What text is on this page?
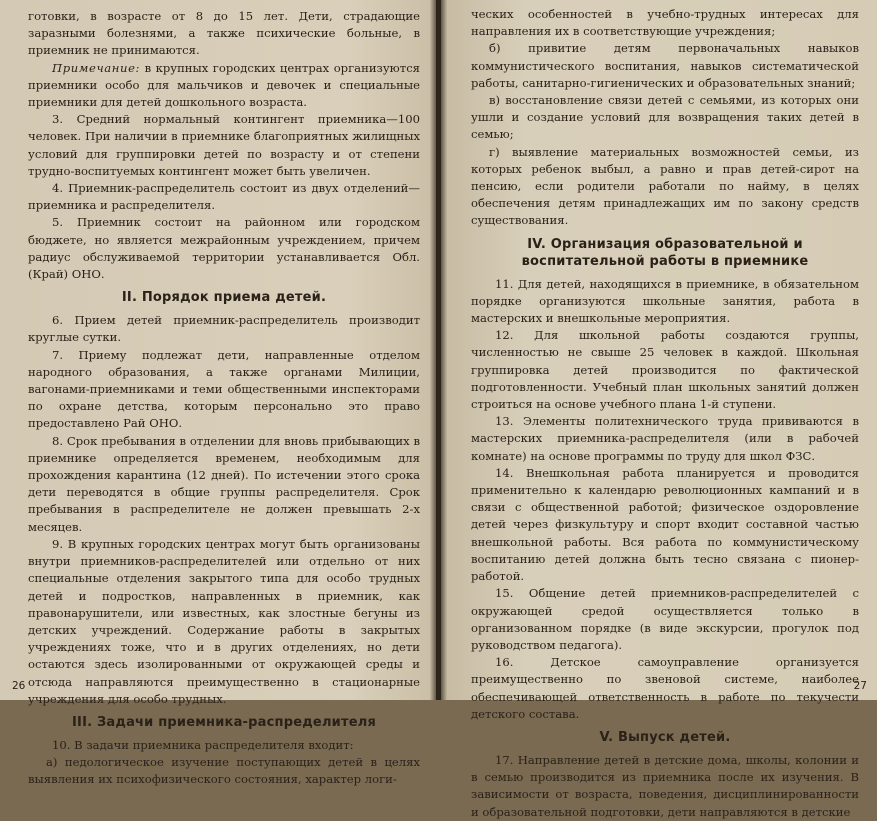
готовки, в возрасте от 8 до 15 лет. Дети, страдающие заразными болезнями, а также психические больные, в приемник не принимаются.

Примечание: в крупных городских центрах организуются приемники особо для мальчиков и девочек и специальные приемники для детей дошкольного возраста.

3. Средний нормальный контингент приемника—100 человек. При наличии в приемнике благоприятных жилищных условий для группировки детей по возрасту и от степени трудно-воспитуемых контингент может быть увеличен.

4. Приемник-распределитель состоит из двух отделений—приемника и распределителя.

5. Приемник состоит на районном или городском бюджете, но является межрайонным учреждением, причем радиус обслуживаемой территории устанавливается Обл. (Край) ОНО.

II. Порядок приема детей.

6. Прием детей приемник-распределитель производит круглые сутки.

7. Приему подлежат дети, направленные отделом народного образования, а также органами Милиции, вагонами-приемниками и теми общественными инспекторами по охране детства, которым персонально это право предоставлено Рай ОНО.

8. Срок пребывания в отделении для вновь прибывающих в приемнике определяется временем, необходимым для прохождения карантина (12 дней). По истечении этого срока дети переводятся в общие группы распределителя. Срок пребывания в распределителе не должен превышать 2-х месяцев.

9. В крупных городских центрах могут быть организованы внутри приемников-распределителей или отдельно от них специальные отделения закрытого типа для особо трудных детей и подростков, направленных в приемник, как правонарушители, или известных, как злостные бегуны из детских учреждений. Содержание работы в закрытых учреждениях тоже, что и в других отделениях, но дети остаются здесь изолированными от окружающей среды и отсюда направляются преимущественно в стационарные учреждения для особо трудных.

III. Задачи приемника-распределителя

10. В задачи приемника распределителя входит:

а) педологическое изучение поступающих детей в целях выявления их психофизического состояния, характер логи-

26

ческих особенностей в учебно-трудных интересах для направления их в соответствующие учреждения;

б) привитие детям первоначальных навыков коммунистического воспитания, навыков систематической работы, санитарно-гигиенических и образовательных знаний;

в) восстановление связи детей с семьями, из которых они ушли и создание условий для возвращения таких детей в семью;

г) выявление материальных возможностей семьи, из которых ребенок выбыл, а равно и прав детей-сирот на пенсию, если родители работали по найму, в целях обеспечения детям принадлежащих им по закону средств существования.

IV. Организация образовательной и воспитательной работы в приемнике

11. Для детей, находящихся в приемнике, в обязательном порядке организуются школьные занятия, работа в мастерских и внешкольные мероприятия.

12. Для школьной работы создаются группы, численностью не свыше 25 человек в каждой. Школьная группировка детей производится по фактической подготовленности. Учебный план школьных занятий должен строиться на основе учебного плана 1-й ступени.

13. Элементы политехнического труда прививаются в мастерских приемника-распределителя (или в рабочей комнате) на основе программы по труду для школ ФЗС.

14. Внешкольная работа планируется и проводится применительно к календарю революционных кампаний и в связи с общественной работой; физическое оздоровление детей через физкультуру и спорт входит составной частью внешкольной работы. Вся работа по коммунистическому воспитанию детей должна быть тесно связана с пионер-работой.

15. Общение детей приемников-распределителей с окружающей средой осуществляется только в организованном порядке (в виде экскурсии, прогулок под руководством педагога).

16. Детское самоуправление организуется преимущественно по звеновой системе, наиболее обеспечивающей ответственность в работе по текучести детского состава.

V. Выпуск детей.

17. Направление детей в детские дома, школы, колонии и в семью производится из приемника после их изучения. В зависимости от возраста, поведения, дисциплинированности и образовательной подготовки, дети направляются в детские

27
